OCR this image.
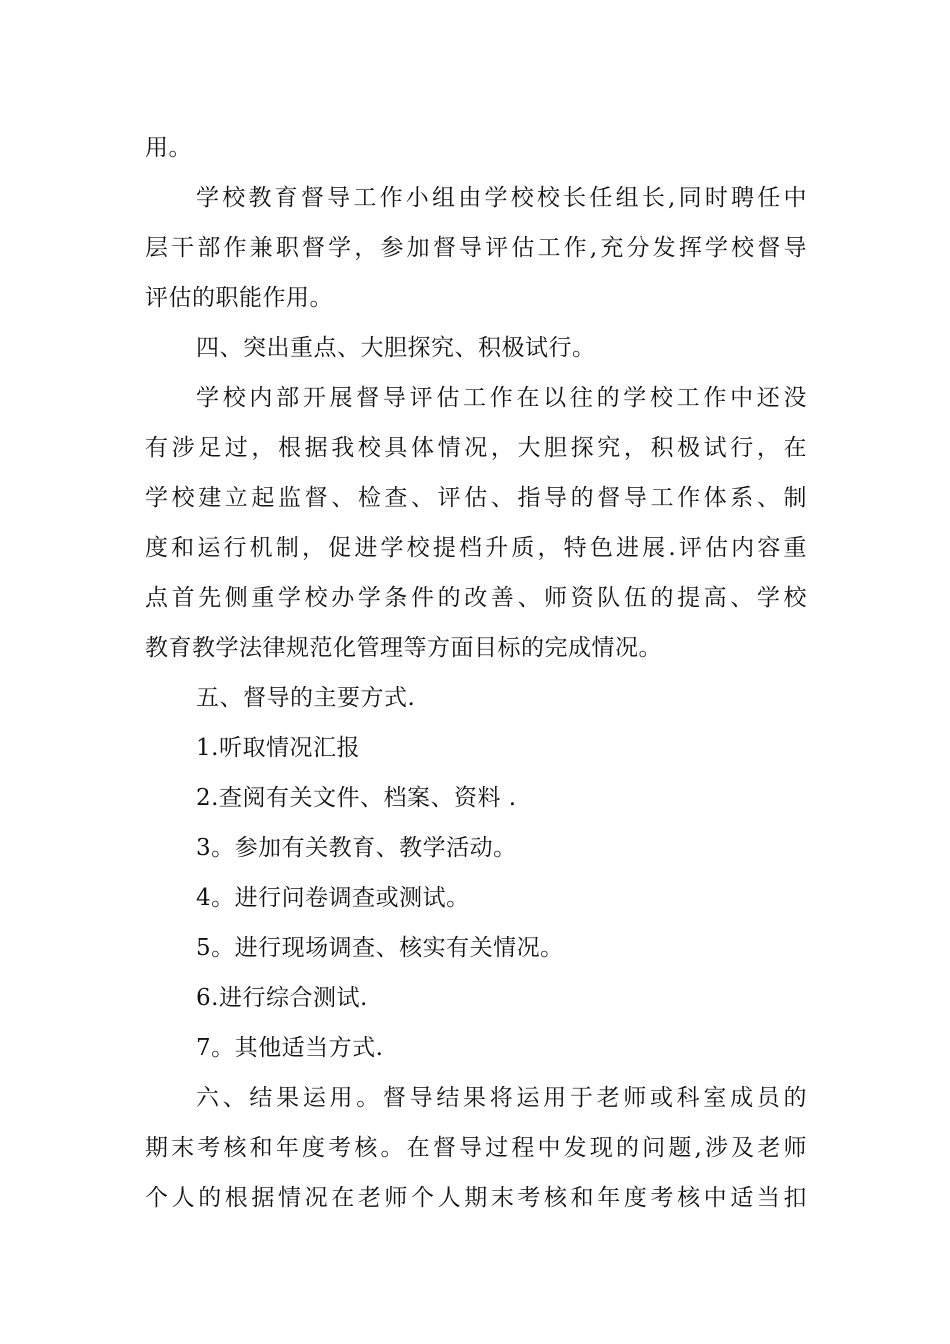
用。
学校教育督导工作小组由学校校长任组长,同时聘任中
层干部作兼职督学，参加督导评估工作,充分发挥学校督导
评估的职能作用。
四、突出重点、大胆探究、积极试行。
学校内部开展督导评估工作在以往的学校工作中还没
有涉足过，根据我校具体情况，大胆探究，积极试行，在
学校建立起监督、检查、评估、指导的督导工作体系、制
度和运行机制，促进学校提档升质，特色进展.评估内容重
点首先侧重学校办学条件的改善、师资队伍的提高、学校
教育教学法律规范化管理等方面目标的完成情况。
五、督导的主要方式.
1.听取情况汇报
2.查阅有关文件、档案、资料 .
3。参加有关教育、教学活动。
4。进行问卷调查或测试。
5。进行现场调查、核实有关情况。
6.进行综合测试.
7。其他适当方式.
六、结果运用。督导结果将运用于老师或科室成员的
期末考核和年度考核。在督导过程中发现的问题,涉及老师
个人的根据情况在老师个人期末考核和年度考核中适当扣
